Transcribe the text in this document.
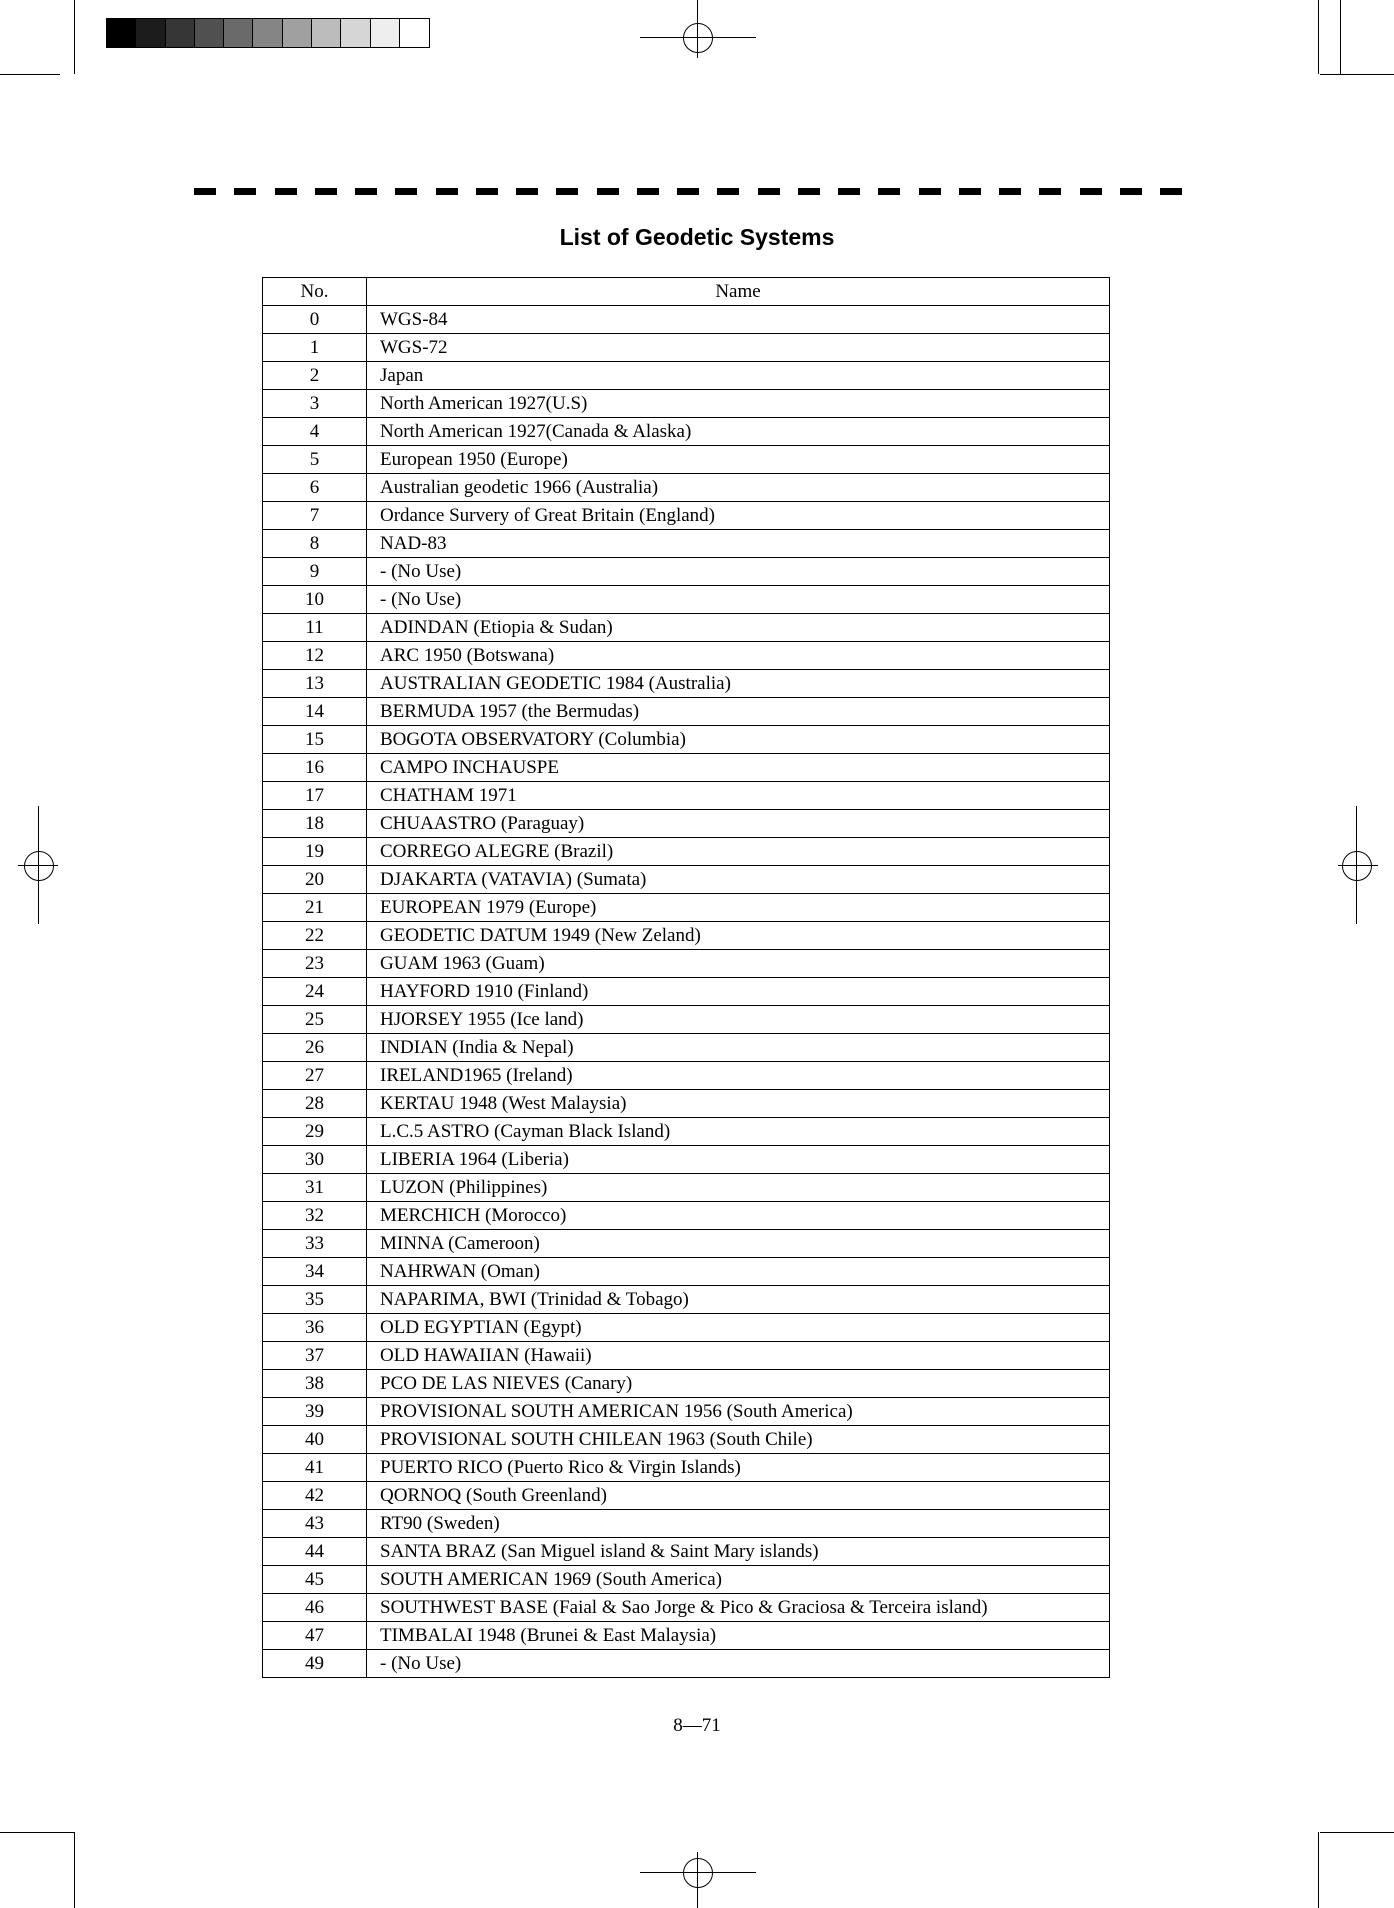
List of Geodetic Systems
No.	Name
0	WGS-84
1	WGS-72
2	Japan
3	North American 1927(U.S)
4	North American 1927(Canada & Alaska)
5	European 1950 (Europe)
6	Australian geodetic 1966 (Australia)
7	Ordance Survery of Great Britain (England)
8	NAD-83
9	- (No Use)
10	- (No Use)
11	ADINDAN (Etiopia & Sudan)
12	ARC 1950 (Botswana)
13	AUSTRALIAN GEODETIC 1984 (Australia)
14	BERMUDA 1957 (the Bermudas)
15	BOGOTA OBSERVATORY (Columbia)
16	CAMPO INCHAUSPE
17	CHATHAM 1971
18	CHUAASTRO (Paraguay)
19	CORREGO ALEGRE (Brazil)
20	DJAKARTA (VATAVIA) (Sumata)
21	EUROPEAN 1979 (Europe)
22	GEODETIC DATUM 1949 (New Zeland)
23	GUAM 1963 (Guam)
24	HAYFORD 1910 (Finland)
25	HJORSEY 1955 (Ice land)
26	INDIAN (India & Nepal)
27	IRELAND1965 (Ireland)
28	KERTAU 1948 (West Malaysia)
29	L.C.5 ASTRO (Cayman Black Island)
30	LIBERIA 1964 (Liberia)
31	LUZON (Philippines)
32	MERCHICH (Morocco)
33	MINNA (Cameroon)
34	NAHRWAN (Oman)
35	NAPARIMA, BWI (Trinidad & Tobago)
36	OLD EGYPTIAN (Egypt)
37	OLD HAWAIIAN (Hawaii)
38	PCO DE LAS NIEVES (Canary)
39	PROVISIONAL SOUTH AMERICAN 1956 (South America)
40	PROVISIONAL SOUTH CHILEAN 1963 (South Chile)
41	PUERTO RICO (Puerto Rico & Virgin Islands)
42	QORNOQ (South Greenland)
43	RT90 (Sweden)
44	SANTA BRAZ (San Miguel island & Saint Mary islands)
45	SOUTH AMERICAN 1969 (South America)
46	SOUTHWEST BASE (Faial & Sao Jorge & Pico & Graciosa & Terceira island)
47	TIMBALAI 1948 (Brunei & East Malaysia)
49	- (No Use)
8—71
